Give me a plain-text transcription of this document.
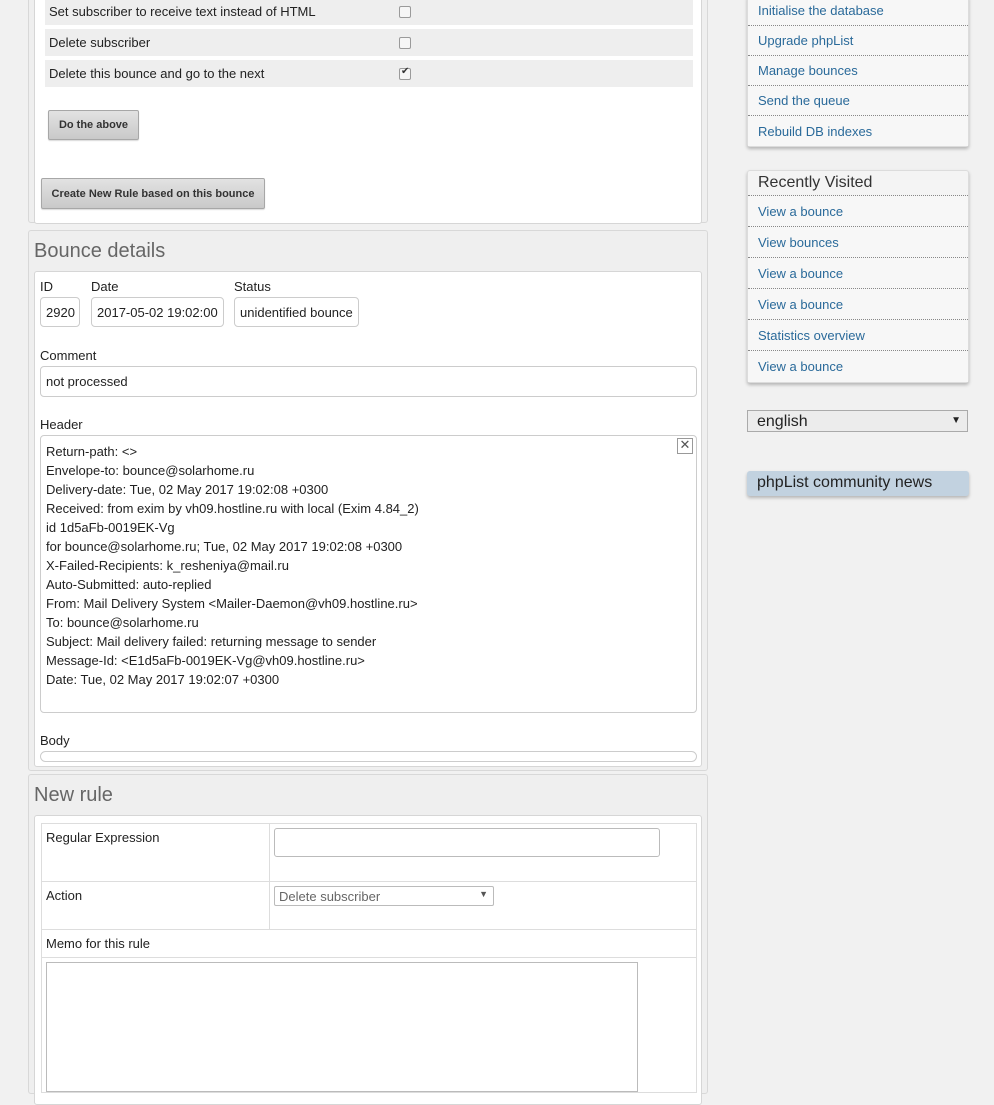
Set subscriber to receive text instead of HTML
Delete subscriber
Delete this bounce and go to the next
✔
Do the above
Create New Rule based on this bounce
Bounce details
ID
2920
Date
2017-05-02 19:02:00
Status
unidentified bounce
Comment
not processed
Header
✕
Return-path: <>
Envelope-to: bounce@solarhome.ru
Delivery-date: Tue, 02 May 2017 19:02:08 +0300
Received: from exim by vh09.hostline.ru with local (Exim 4.84_2)
id 1d5aFb-0019EK-Vg
for bounce@solarhome.ru; Tue, 02 May 2017 19:02:08 +0300
X-Failed-Recipients: k_resheniya@mail.ru
Auto-Submitted: auto-replied
From: Mail Delivery System <Mailer-Daemon@vh09.hostline.ru>
To: bounce@solarhome.ru
Subject: Mail delivery failed: returning message to sender
Message-Id: <E1d5aFb-0019EK-Vg@vh09.hostline.ru>
Date: Tue, 02 May 2017 19:02:07 +0300
Body
New rule
Regular Expression
Action	Delete subscriber	▼
Memo for this rule
Initialise the database
Upgrade phpList
Manage bounces
Send the queue
Rebuild DB indexes
Recently Visited
View a bounce
View bounces
View a bounce
View a bounce
Statistics overview
View a bounce
english	▼
phpList community news
